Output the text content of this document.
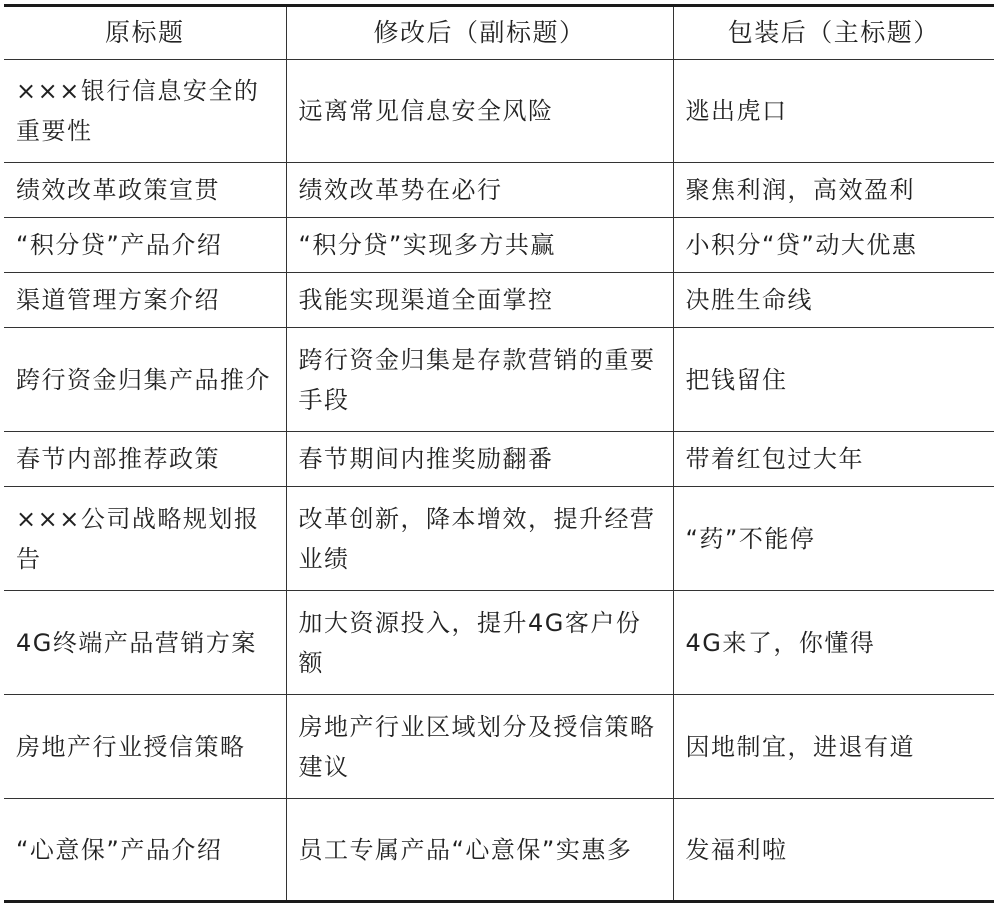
原标题	修改后（副标题）	包装后（主标题）
×××银行信息安全的重要性	远离常见信息安全风险	逃出虎口
绩效改革政策宣贯	绩效改革势在必行	聚焦利润，高效盈利
“积分贷”产品介绍	“积分贷”实现多方共赢	小积分“贷”动大优惠
渠道管理方案介绍	我能实现渠道全面掌控	决胜生命线
跨行资金归集产品推介	跨行资金归集是存款营销的重要手段	把钱留住
春节内部推荐政策	春节期间内推奖励翻番	带着红包过大年
×××公司战略规划报告	改革创新，降本增效，提升经营业绩	“药”不能停
4G终端产品营销方案	加大资源投入，提升4G客户份额	4G来了，你懂得
房地产行业授信策略	房地产行业区域划分及授信策略建议	因地制宜，进退有道
“心意保”产品介绍	员工专属产品“心意保”实惠多	发福利啦
